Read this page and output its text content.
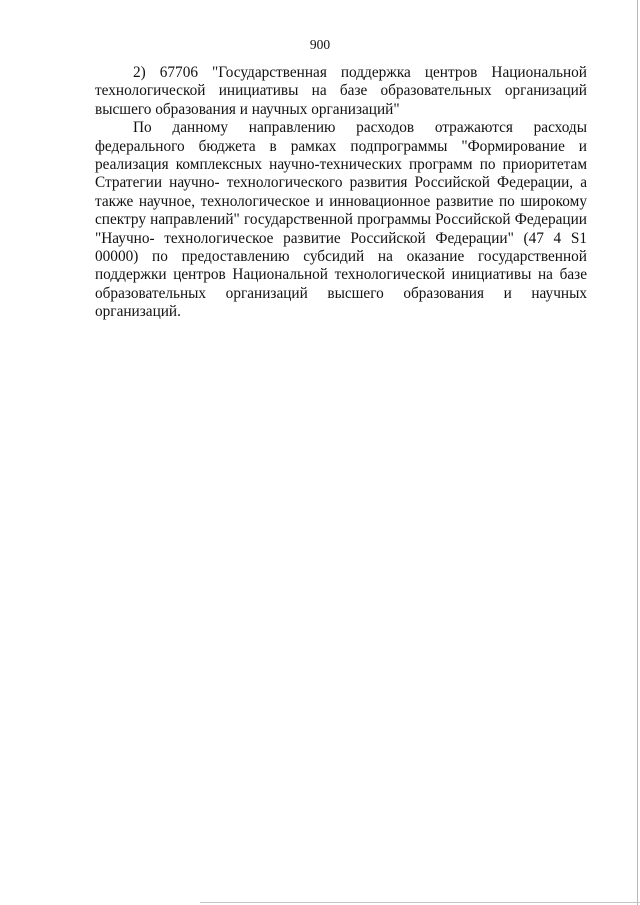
900

2) 67706 "Государственная поддержка центров Национальной технологической инициативы на базе образовательных организаций высшего образования и научных организаций"

По данному направлению расходов отражаются расходы федерального бюджета в рамках подпрограммы "Формирование и реализация комплексных научно-технических программ по приоритетам Стратегии научно- технологического развития Российской Федерации, а также научное, технологическое и инновационное развитие по широкому спектру направлений" государственной программы Российской Федерации "Научно- технологическое развитие Российской Федерации" (47 4 S1 00000) по предоставлению субсидий на оказание государственной поддержки центров Национальной технологической инициативы на базе образовательных организаций высшего образования и научных организаций.
